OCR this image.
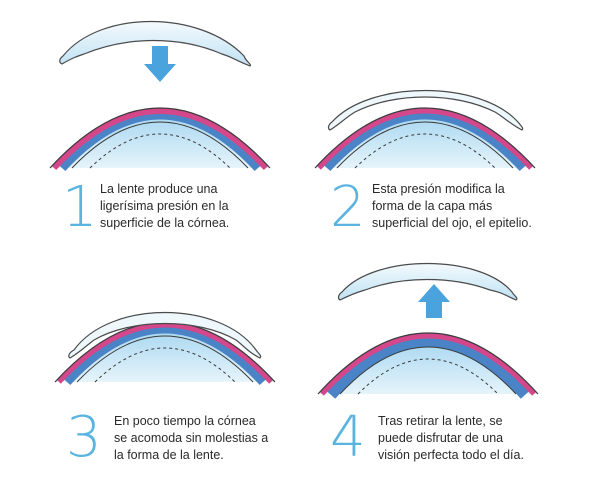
1 La lente produce una
ligerísima presión en la
superficie de la córnea. 2 Esta presión modifica la
forma de la capa más
superficial del ojo, el epitelio.
3 En poco tiempo la córnea
se acomoda sin molestias a
la forma de la lente.	4 Tras retirar la lente, se
puede disfrutar de una
visión perfecta todo el día.
